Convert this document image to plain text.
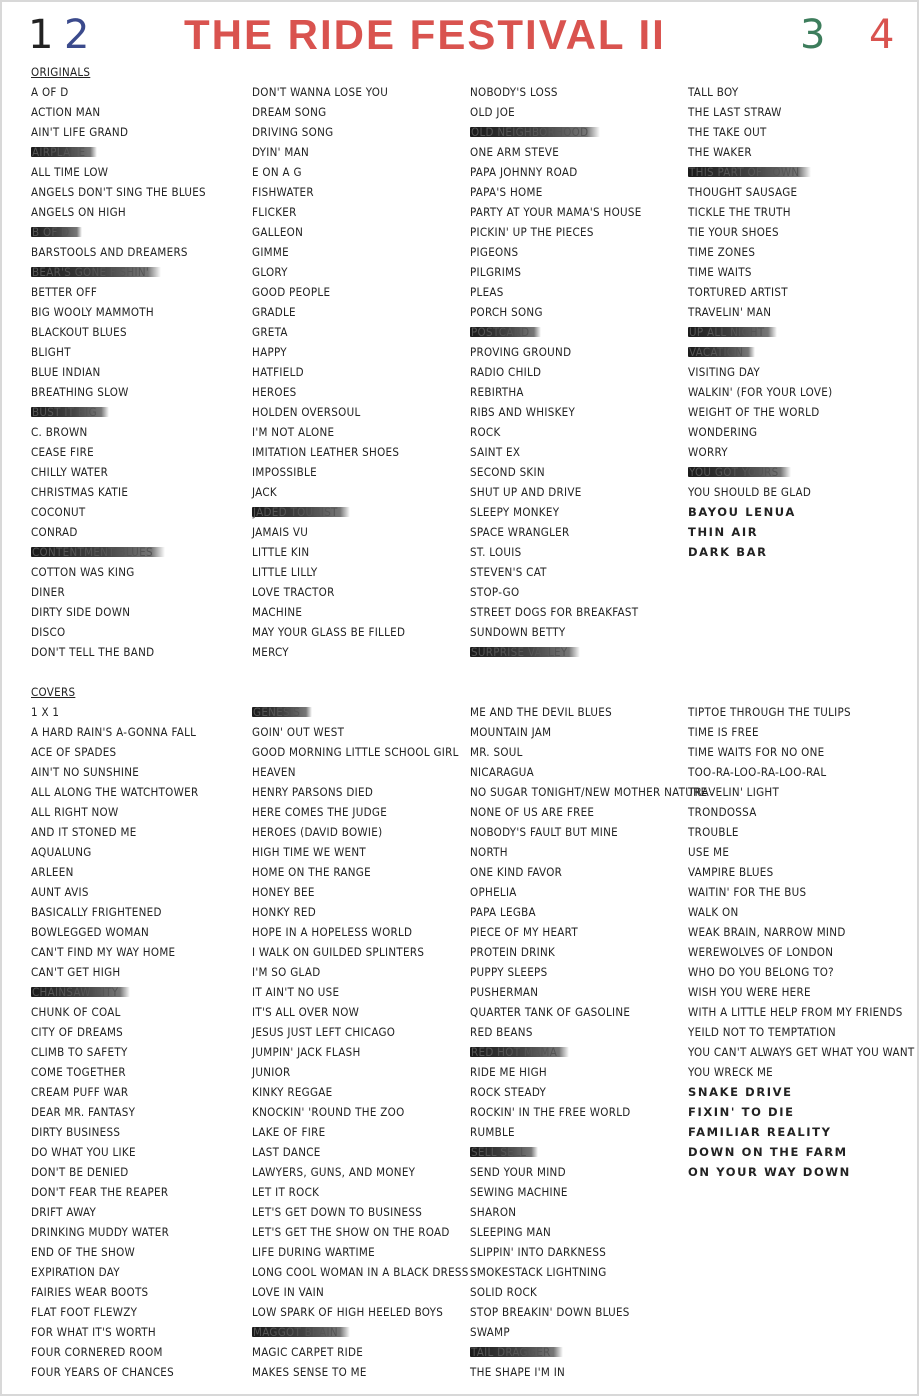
1 2 THE RIDE FESTIVAL II	3 4
ORIGINALS
A OF D
ACTION MAN
AIN'T LIFE GRAND
AIRPLANE
ALL TIME LOW
ANGELS DON'T SING THE BLUES
ANGELS ON HIGH
B OF D
BARSTOOLS AND DREAMERS
BEAR'S GONE FISHIN'
BETTER OFF
BIG WOOLY MAMMOTH
BLACKOUT BLUES
BLIGHT
BLUE INDIAN
BREATHING SLOW
BUST IT BIG
C. BROWN
CEASE FIRE
CHILLY WATER
CHRISTMAS KATIE
COCONUT
CONRAD
CONTENTMENT BLUES
COTTON WAS KING
DINER
DIRTY SIDE DOWN
DISCO
DON'T TELL THE BAND
DON'T WANNA LOSE YOU
DREAM SONG
DRIVING SONG
DYIN' MAN
E ON A G
FISHWATER
FLICKER
GALLEON
GIMME
GLORY
GOOD PEOPLE
GRADLE
GRETA
HAPPY
HATFIELD
HEROES
HOLDEN OVERSOUL
I'M NOT ALONE
IMITATION LEATHER SHOES
IMPOSSIBLE
JACK
JADED TOURIST
JAMAIS VU
LITTLE KIN
LITTLE LILLY
LOVE TRACTOR
MACHINE
MAY YOUR GLASS BE FILLED
MERCY
NOBODY'S LOSS
OLD JOE
OLD NEIGHBORHOOD
ONE ARM STEVE
PAPA JOHNNY ROAD
PAPA'S HOME
PARTY AT YOUR MAMA'S HOUSE
PICKIN' UP THE PIECES
PIGEONS
PILGRIMS
PLEAS
PORCH SONG
POSTCARD
PROVING GROUND
RADIO CHILD
REBIRTHA
RIBS AND WHISKEY
ROCK
SAINT EX
SECOND SKIN
SHUT UP AND DRIVE
SLEEPY MONKEY
SPACE WRANGLER
ST. LOUIS
STEVEN'S CAT
STOP-GO
STREET DOGS FOR BREAKFAST
SUNDOWN BETTY
SURPRISE VALLEY
TALL BOY
THE LAST STRAW
THE TAKE OUT
THE WAKER
THIS PART OF TOWN
THOUGHT SAUSAGE
TICKLE THE TRUTH
TIE YOUR SHOES
TIME ZONES
TIME WAITS
TORTURED ARTIST
TRAVELIN' MAN
UP ALL NIGHT
VACATION
VISITING DAY
WALKIN' (FOR YOUR LOVE)
WEIGHT OF THE WORLD
WONDERING
WORRY
YOU GOT YOURS
YOU SHOULD BE GLAD
BAYOU LENUA
THIN AIR
DARK BAR
COVERS
1 X 1
A HARD RAIN'S A-GONNA FALL
ACE OF SPADES
AIN'T NO SUNSHINE
ALL ALONG THE WATCHTOWER
ALL RIGHT NOW
AND IT STONED ME
AQUALUNG
ARLEEN
AUNT AVIS
BASICALLY FRIGHTENED
BOWLEGGED WOMAN
CAN'T FIND MY WAY HOME
CAN'T GET HIGH
CHAINSAW CITY
CHUNK OF COAL
CITY OF DREAMS
CLIMB TO SAFETY
COME TOGETHER
CREAM PUFF WAR
DEAR MR. FANTASY
DIRTY BUSINESS
DO WHAT YOU LIKE
DON'T BE DENIED
DON'T FEAR THE REAPER
DRIFT AWAY
DRINKING MUDDY WATER
END OF THE SHOW
EXPIRATION DAY
FAIRIES WEAR BOOTS
FLAT FOOT FLEWZY
FOR WHAT IT'S WORTH
FOUR CORNERED ROOM
FOUR YEARS OF CHANCES
GENESIS
GOIN' OUT WEST
GOOD MORNING LITTLE SCHOOL GIRL
HEAVEN
HENRY PARSONS DIED
HERE COMES THE JUDGE
HEROES (DAVID BOWIE)
HIGH TIME WE WENT
HOME ON THE RANGE
HONEY BEE
HONKY RED
HOPE IN A HOPELESS WORLD
I WALK ON GUILDED SPLINTERS
I'M SO GLAD
IT AIN'T NO USE
IT'S ALL OVER NOW
JESUS JUST LEFT CHICAGO
JUMPIN' JACK FLASH
JUNIOR
KINKY REGGAE
KNOCKIN' 'ROUND THE ZOO
LAKE OF FIRE
LAST DANCE
LAWYERS, GUNS, AND MONEY
LET IT ROCK
LET'S GET DOWN TO BUSINESS
LET'S GET THE SHOW ON THE ROAD
LIFE DURING WARTIME
LONG COOL WOMAN IN A BLACK DRESS
LOVE IN VAIN
LOW SPARK OF HIGH HEELED BOYS
MAGGOT BRAIN
MAGIC CARPET RIDE
MAKES SENSE TO ME
ME AND THE DEVIL BLUES
MOUNTAIN JAM
MR. SOUL
NICARAGUA
NO SUGAR TONIGHT/NEW MOTHER NATURE
NONE OF US ARE FREE
NOBODY'S FAULT BUT MINE
NORTH
ONE KIND FAVOR
OPHELIA
PAPA LEGBA
PIECE OF MY HEART
PROTEIN DRINK
PUPPY SLEEPS
PUSHERMAN
QUARTER TANK OF GASOLINE
RED BEANS
RED HOT MAMA
RIDE ME HIGH
ROCK STEADY
ROCKIN' IN THE FREE WORLD
RUMBLE
SELL SELL
SEND YOUR MIND
SEWING MACHINE
SHARON
SLEEPING MAN
SLIPPIN' INTO DARKNESS
SMOKESTACK LIGHTNING
SOLID ROCK
STOP BREAKIN' DOWN BLUES
SWAMP
TAIL DRAGGER
THE SHAPE I'M IN
TIPTOE THROUGH THE TULIPS
TIME IS FREE
TIME WAITS FOR NO ONE
TOO-RA-LOO-RA-LOO-RAL
TRAVELIN' LIGHT
TRONDOSSA
TROUBLE
USE ME
VAMPIRE BLUES
WAITIN' FOR THE BUS
WALK ON
WEAK BRAIN, NARROW MIND
WEREWOLVES OF LONDON
WHO DO YOU BELONG TO?
WISH YOU WERE HERE
WITH A LITTLE HELP FROM MY FRIENDS
YEILD NOT TO TEMPTATION
YOU CAN'T ALWAYS GET WHAT YOU WANT
YOU WRECK ME
SNAKE DRIVE
FIXIN' TO DIE
FAMILIAR REALITY
DOWN ON THE FARM
ON YOUR WAY DOWN
